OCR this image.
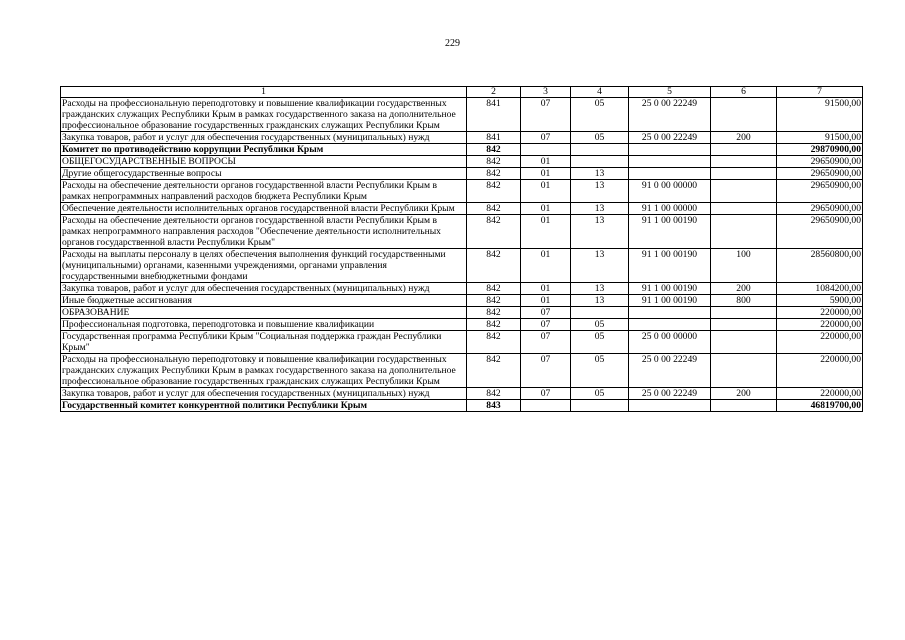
229
1	2	3	4	5	6	7
Расходы на профессиональную переподготовку и повышение квалификации государственных гражданских служащих Республики Крым в рамках государственного заказа на дополнительное профессиональное образование государственных гражданских служащих Республики Крым	841	07	05	25 0 00 22249		91500,00
Закупка товаров, работ и услуг для обеспечения государственных (муниципальных) нужд	841	07	05	25 0 00 22249	200	91500,00
Комитет по противодействию коррупции Республики Крым	842					29870900,00
ОБЩЕГОСУДАРСТВЕННЫЕ ВОПРОСЫ	842	01				29650900,00
Другие общегосударственные вопросы	842	01	13			29650900,00
Расходы на обеспечение деятельности органов государственной власти Республики Крым в рамках непрограммных направлений расходов бюджета Республики Крым	842	01	13	91 0 00 00000		29650900,00
Обеспечение деятельности исполнительных органов государственной власти Республики Крым	842	01	13	91 1 00 00000		29650900,00
Расходы на обеспечение деятельности органов государственной власти Республики Крым в рамках непрограммного направления расходов "Обеспечение деятельности исполнительных органов государственной власти Республики Крым"	842	01	13	91 1 00 00190		29650900,00
Расходы на выплаты персоналу в целях обеспечения выполнения функций государственными (муниципальными) органами, казенными учреждениями, органами управления государственными внебюджетными фондами	842	01	13	91 1 00 00190	100	28560800,00
Закупка товаров, работ и услуг для обеспечения государственных (муниципальных) нужд	842	01	13	91 1 00 00190	200	1084200,00
Иные бюджетные ассигнования	842	01	13	91 1 00 00190	800	5900,00
ОБРАЗОВАНИЕ	842	07				220000,00
Профессиональная подготовка, переподготовка и повышение квалификации	842	07	05			220000,00
Государственная программа Республики Крым "Социальная поддержка граждан Республики Крым"	842	07	05	25 0 00 00000		220000,00
Расходы на профессиональную переподготовку и повышение квалификации государственных гражданских служащих Республики Крым в рамках государственного заказа на дополнительное профессиональное образование государственных гражданских служащих Республики Крым	842	07	05	25 0 00 22249		220000,00
Закупка товаров, работ и услуг для обеспечения государственных (муниципальных) нужд	842	07	05	25 0 00 22249	200	220000,00
Государственный комитет конкурентной политики Республики Крым	843					46819700,00
